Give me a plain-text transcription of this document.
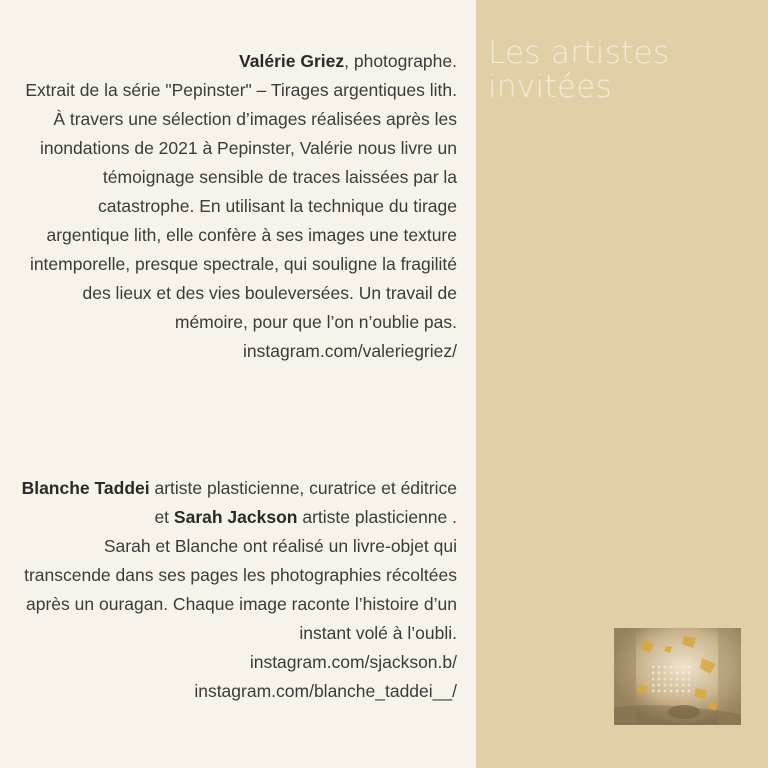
Les artistes
invitées

Valérie Griez, photographe.

Extrait de la série "Pepinster" – Tirages argentiques lith.

À travers une sélection d’images réalisées après les inondations de 2021 à Pepinster, Valérie nous livre un témoignage sensible de traces laissées par la catastrophe. En utilisant la technique du tirage argentique lith, elle confère à ses images une texture intemporelle, presque spectrale, qui souligne la fragilité des lieux et des vies bouleversées. Un travail de mémoire, pour que l’on n’oublie pas.

instagram.com/valeriegriez/

Blanche Taddei artiste plasticienne, curatrice et éditrice et Sarah Jackson artiste plasticienne .

Sarah et Blanche ont réalisé un livre-objet qui transcende dans ses pages les photographies récoltées après un ouragan. Chaque image raconte l’histoire d’un instant volé à l’oubli.

instagram.com/sjackson.b/

instagram.com/blanche_taddei__/
